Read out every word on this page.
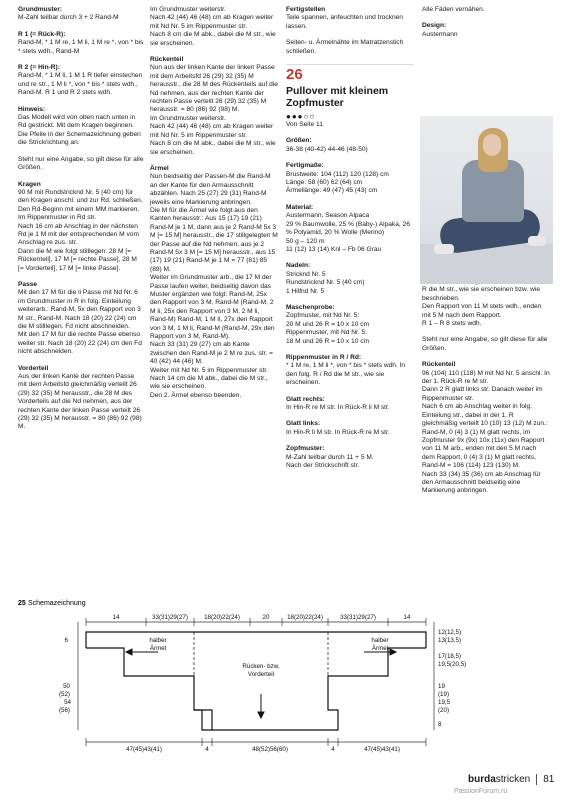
Grundmuster:
M-Zahl teilbar durch 3 + 2 Rand-M
R 1 (= Rück-R):
Rand-M, * 1 M re, 1 M li, 1 M re *, von * bis * stets wdh., Rand-M
R 2 (= Hin-R):
Rand-M, * 1 M li, 1 M 1 R tiefer einstechen und re str., 1 M li *, von * bis * stets wdh., Rand-M. R 1 und R 2 stets wdh.
Hinweis:
Das Modell wird von oben nach unten in Rd gestrickt. Mit dem Kragen beginnen.
Die Pfeile in der Schemazeichnung geben die Strickrichtung an.
Steht nur eine Angabe, so gilt diese für alle Größen.
Kragen
90 M mit Rundstricknd Nr. 5 (40 cm) für den Kragen anschl. und zur Rd. schließen. Den Rd-Beginn mit einem MM markieren. Im Rippenmuster in Rd str.
Nach 16 cm ab Anschlag in der nächsten Rd je 1 M mit der entsprechenden M vom Anschlag re zus. str.
Dann die M wie folgt stilllegen: 28 M [= Rückenteil], 17 M [= rechte Passe], 28 M [= Vorderteil], 17 M [= linke Passe].
Passe
Mit den 17 M für die li Passe mit Nd Nr. 6 im Grundmuster in R in folg. Einteilung weiterarb.: Rand-M, 5x den Rapport von 3 M str., Rand-M. Nach 18 (20) 22 (24) cm die M stilllegen. Fd nicht abschneiden.
Mit den 17 M für die rechte Passe ebenso weiter str. Nach 18 (20) 22 (24) cm den Fd nicht abschneiden.
Vorderteil
Aus der linken Kante der rechten Passe mit dem Arbeitsfd gleichmäßig verteilt 26 (29) 32 (35) M herausstr., die 28 M des Vorderteils auf die Nd nehmen, aus der rechten Kante der linken Passe verteilt 26 (29) 32 (35) M herausstr. = 80 (86) 92 (98) M.
Im Grundmuster weiterstr.
Nach 42 (44) 46 (48) cm ab Kragen weiter mit Nd Nr. 5 im Rippenmuster str.
Nach 8 cm die M abk., dabei die M str., wie sie erscheinen.
Rückenteil
Nun aus der linken Kante der linken Passe mit dem Arbeitsfd 26 (29) 32 (35) M herausstr., die 28 M des Rückenteils auf die Nd nehmen, aus der rechten Kante der rechten Passe verteilt 26 (29) 32 (35) M herausstr. = 80 (86) 92 (98) M.
Im Grundmuster weiterstr.
Nach 42 (44) 46 (48) cm ab Kragen weiter mit Nd Nr. 5 im Rippenmuster str.
Nach 8 cm die M abk., dabei die M str., wie sie erscheinen.
Ärmel
Nun beidseitig der Passen-M die Rand-M an der Kante für den Armausschnitt abzählen. Nach 25 (27) 29 (31) Rand-M jeweils eine Markierung anbringen.
Die M für die Ärmel wie folgt aus den Kanten herausstr.: Aus 15 (17) 19 (21) Rand-M je 1 M, dann aus je 2 Rand-M 5x 3 M [= 15 M] herausstr., die 17 stillgelegten M der Passe auf die Nd nehmen, aus je 2 Rand-M 5x 3 M [= 15 M] herausstr., aus 15 (17) 19 (21) Rand-M je 1 M = 77 (81) 85 (89) M.
Weiter im Grundmuster arb., die 17 M der Passe laufen weiter, beidseitig davon das Muster ergänzen wie folgt: Rand-M, 25x den Rapport von 3 M, Rand-M (Rand-M, 2 M li, 25x den Rapport von 3 M, 2 M li, Rand-M) Rand-M, 1 M li, 27x den Rapport von 3 M, 1 M li, Rand-M (Rand-M, 29x den Rapport von 3 M, Rand-M).
Nach 33 (31) 29 (27) cm ab Kante zwischen den Rand-M je 2 M re zus. str. = 40 (42) 44 (46) M.
Weiter mit Nd Nr. 5 im Rippenmuster str.
Nach 14 cm die M abk., dabei die M str., wie sie erscheinen.
Den 2. Ärmel ebenso beenden.
Fertigstellen
Teile spannen, anfeuchten und trocknen lassen.
Seiten- u. Ärmelnähte im Matratzenstich schließen.
26
Pullover mit kleinem Zopfmuster
●●●○○
Von Seite 11
Größen:
36-38 (40-42) 44-46 (48-50)
Fertigmaße:
Brustweite: 104 (112) 120 (128) cm
Länge: 58 (60) 62 (64) cm
Ärmellänge: 49 (47) 45 (43) cm
Material:
Austermann, Season Alpaca
29 % Baumwolle, 25 % (Baby-) Alpaka, 26 % Polyamid, 20 % Wolle (Merino)
50 g – 120 m
11 (12) 13 (14) Knl – Fb 06 Grau
Nadeln:
Stricknd Nr. 5
Rundstricknd Nr. 5 (40 cm)
1 Hilfnd Nr. 5
Maschenprobe:
Zopfmuster, mit Nd Nr. 5:
20 M und 26 R = 10 x 10 cm
Rippenmuster, mit Nd Nr. 5:
18 M und 26 R = 10 x 10 cm
Rippenmuster in R / Rd:
* 1 M re, 1 M li *, von * bis * stets wdh. In den folg. R / Rd die M str., wie sie erscheinen.
Glatt rechts:
In Hin-R re M str. In Rück-R li M str.
Glatt links:
In Hin-R li M str. In Rück-R re M str.
Zopfmuster:
M-Zahl teilbar durch 11 + 5 M.
Nach der Strickschrift str.
Alle Fäden vernähen.
Design:
Austermann
R die M str., wie sie erscheinen bzw. wie beschrieben.
Den Rapport von 11 M stets wdh., enden mit 5 M nach dem Rapport.
R 1 – R 8 stets wdh.
Steht nur eine Angabe, so gilt diese für alle Größen.
Rückenteil
96 (104) 110 (118) M mit Nd Nr. 5 anschl. In der 1. Rück-R re M str.
Dann 2 R glatt links str. Danach weiter im Rippenmuster str.
Nach 6 cm ab Anschlag weiter in folg. Einteilung str., dabei in der 1. R gleichmäßig verteilt 10 (10) 13 (12) M zun.: Rand-M, 0 (4) 3 (1) M glatt rechts, im Zopfmuster 9x (9x) 10x (11x) den Rapport von 11 M arb., enden mit den 5 M nach dem Rapport, 0 (4) 3 (1) M glatt rechts, Rand-M = 106 (114) 123 (130) M.
Nach 33 (34) 35 (36) cm ab Anschlag für den Armausschnitt beidseitig eine Markierung anbringen.
25 Schemazeichnung
14	33(31)29(27)	18(20)22(24)	20	18(20)22(24)	33(31)29(27)	14
47(45)43(41)	4	48(52)56(60)	4	47(45)43(41)
6
50
(52)
54
(56)
12(12,5)
13(13,5)
17(18,5)
19,5(20,5)
19
(19)
19,5
(20)
8
halber
Ärmel
halber
Ärmel
Rücken- bzw.
Vorderteil
burdastricken 81
PassionForum.ru
